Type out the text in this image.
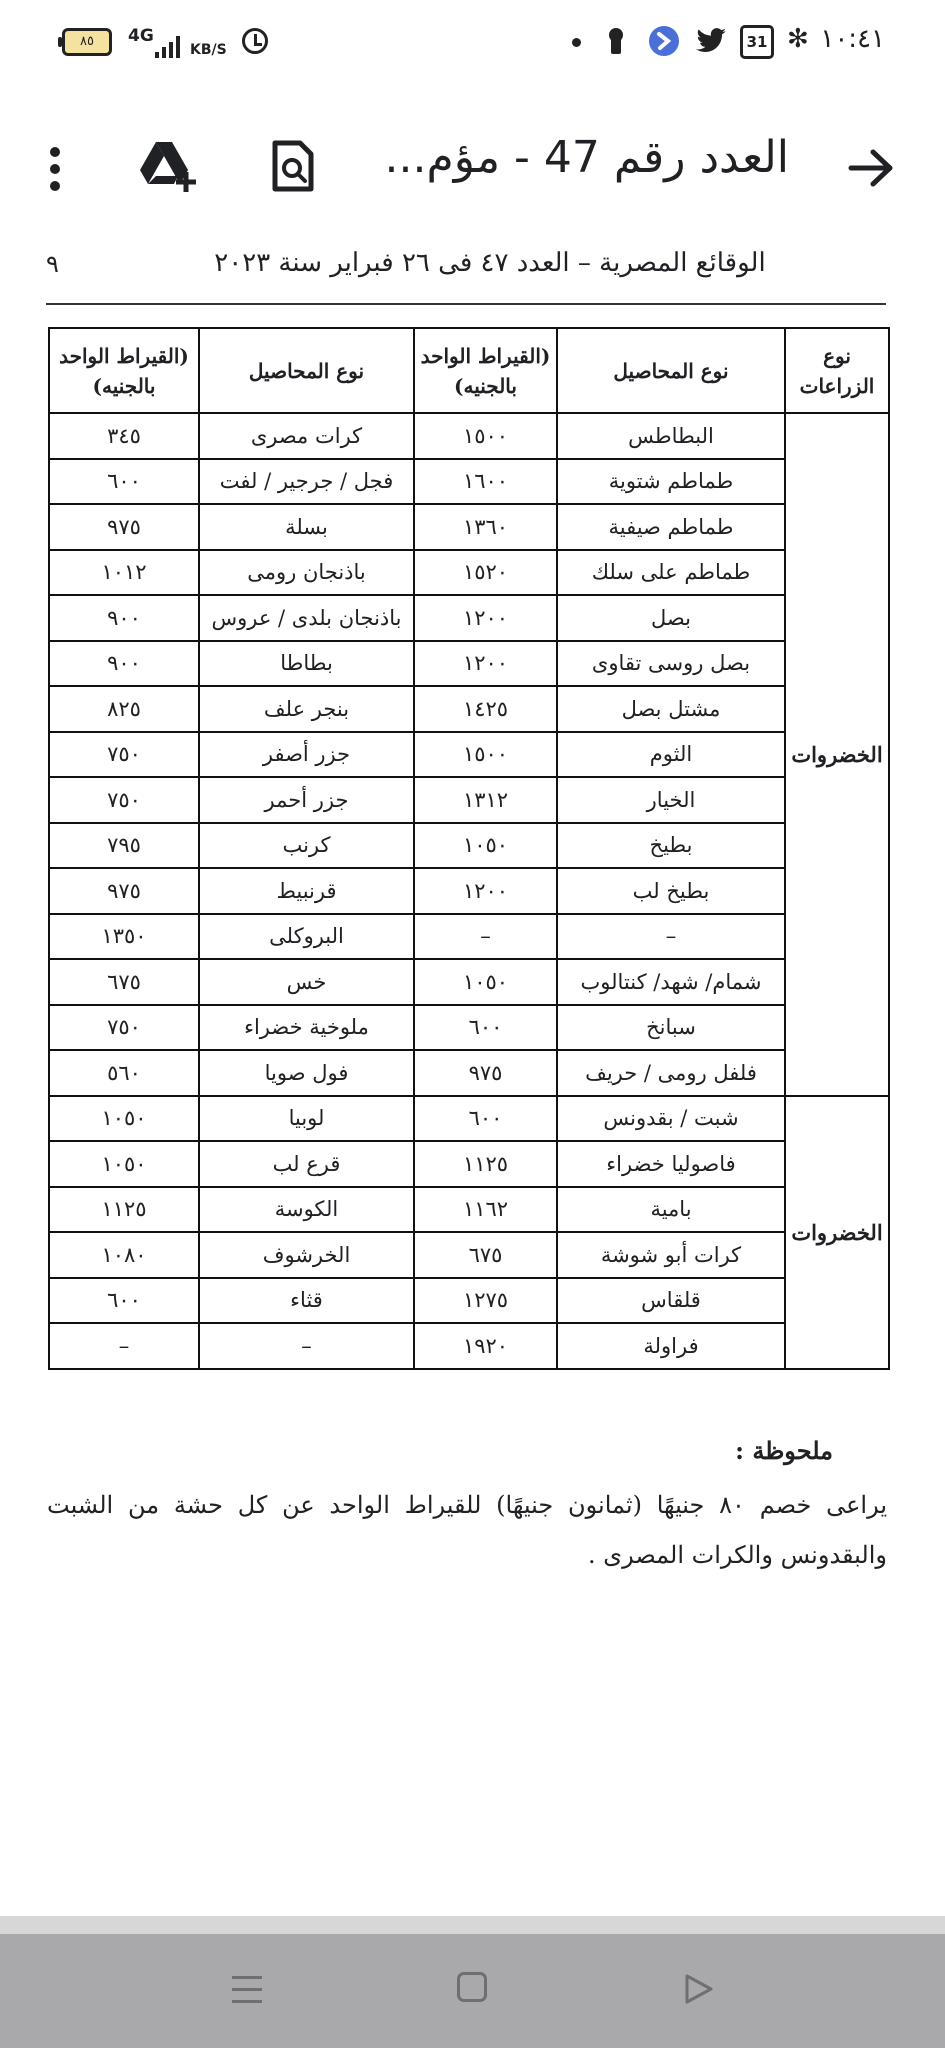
٨٥	4G
KB/S	31 ✻ ١٠:٤١
العدد رقم 47 - مؤم...
الوقائع المصرية – العدد ٤٧ فى ٢٦ فبراير سنة ٢٠٢٣
٩
نوع الزراعات	نوع المحاصيل	(القيراط الواحد بالجنيه)	نوع المحاصيل	(القيراط الواحد بالجنيه)
الخضروات	البطاطس	١٥٠٠	كرات مصرى	٣٤٥
	طماطم شتوية	١٦٠٠	فجل / جرجير / لفت	٦٠٠
	طماطم صيفية	١٣٦٠	بسلة	٩٧٥
	طماطم على سلك	١٥٢٠	باذنجان رومى	١٠١٢
	بصل	١٢٠٠	باذنجان بلدى / عروس	٩٠٠
	بصل روسى تقاوى	١٢٠٠	بطاطا	٩٠٠
	مشتل بصل	١٤٢٥	بنجر علف	٨٢٥
	الثوم	١٥٠٠	جزر أصفر	٧٥٠
	الخيار	١٣١٢	جزر أحمر	٧٥٠
	بطيخ	١٠٥٠	كرنب	٧٩٥
	بطيخ لب	١٢٠٠	قرنبيط	٩٧٥
	–	–	البروكلى	١٣٥٠
	شمام/ شهد/ كنتالوب	١٠٥٠	خس	٦٧٥
	سبانخ	٦٠٠	ملوخية خضراء	٧٥٠
	فلفل رومى / حريف	٩٧٥	فول صويا	٥٦٠
الخضروات	شبت / بقدونس	٦٠٠	لوبيا	١٠٥٠
	فاصوليا خضراء	١١٢٥	قرع لب	١٠٥٠
	بامية	١١٦٢	الكوسة	١١٢٥
	كرات أبو شوشة	٦٧٥	الخرشوف	١٠٨٠
	قلقاس	١٢٧٥	قثاء	٦٠٠
	فراولة	١٩٢٠	–	–
ملحوظة :
يراعى خصم ٨٠ جنيهًا (ثمانون جنيهًا) للقيراط الواحد عن كل حشة من الشبت والبقدونس والكرات المصرى .
